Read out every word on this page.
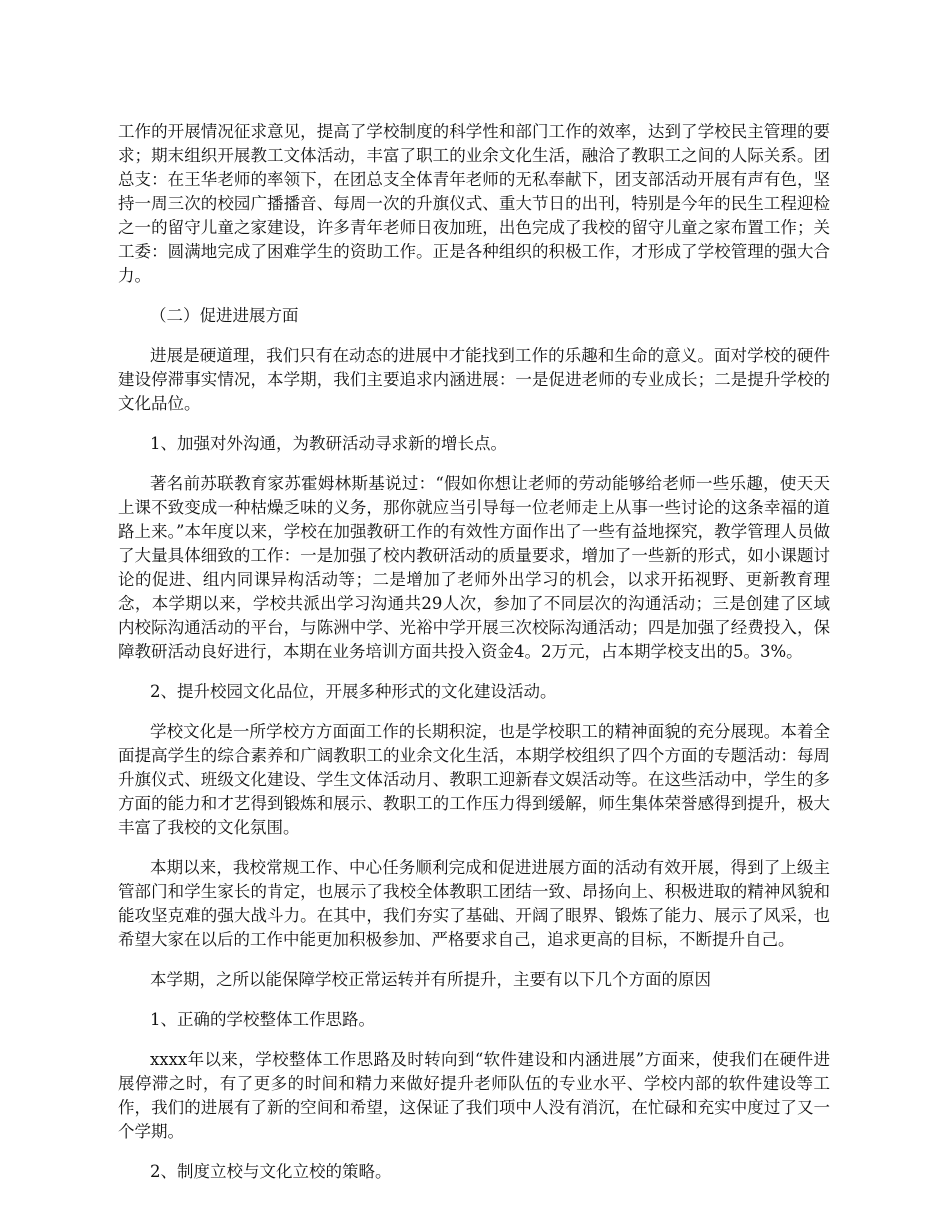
工作的开展情况征求意见，提高了学校制度的科学性和部门工作的效率，达到了学校民主管理的要求；期末组织开展教工文体活动，丰富了职工的业余文化生活，融洽了教职工之间的人际关系。团总支：在王华老师的率领下，在团总支全体青年老师的无私奉献下，团支部活动开展有声有色，坚持一周三次的校园广播播音、每周一次的升旗仪式、重大节日的出刊，特别是今年的民生工程迎检之一的留守儿童之家建设，许多青年老师日夜加班，出色完成了我校的留守儿童之家布置工作；关工委：圆满地完成了困难学生的资助工作。正是各种组织的积极工作，才形成了学校管理的强大合力。

（二）促进进展方面

进展是硬道理，我们只有在动态的进展中才能找到工作的乐趣和生命的意义。面对学校的硬件建设停滞事实情况，本学期，我们主要追求内涵进展：一是促进老师的专业成长；二是提升学校的文化品位。

1、加强对外沟通，为教研活动寻求新的增长点。

著名前苏联教育家苏霍姆林斯基说过：“假如你想让老师的劳动能够给老师一些乐趣，使天天上课不致变成一种枯燥乏味的义务，那你就应当引导每一位老师走上从事一些讨论的这条幸福的道路上来。”本年度以来，学校在加强教研工作的有效性方面作出了一些有益地探究，教学管理人员做了大量具体细致的工作：一是加强了校内教研活动的质量要求，增加了一些新的形式，如小课题讨论的促进、组内同课异构活动等；二是增加了老师外出学习的机会，以求开拓视野、更新教育理念，本学期以来，学校共派出学习沟通共29人次，参加了不同层次的沟通活动；三是创建了区域内校际沟通活动的平台，与陈洲中学、光裕中学开展三次校际沟通活动；四是加强了经费投入，保障教研活动良好进行，本期在业务培训方面共投入资金4。2万元，占本期学校支出的5。3%。

2、提升校园文化品位，开展多种形式的文化建设活动。

学校文化是一所学校方方面面工作的长期积淀，也是学校职工的精神面貌的充分展现。本着全面提高学生的综合素养和广阔教职工的业余文化生活，本期学校组织了四个方面的专题活动：每周升旗仪式、班级文化建设、学生文体活动月、教职工迎新春文娱活动等。在这些活动中，学生的多方面的能力和才艺得到锻炼和展示、教职工的工作压力得到缓解，师生集体荣誉感得到提升，极大丰富了我校的文化氛围。

本期以来，我校常规工作、中心任务顺利完成和促进进展方面的活动有效开展，得到了上级主管部门和学生家长的肯定，也展示了我校全体教职工团结一致、昂扬向上、积极进取的精神风貌和能攻坚克难的强大战斗力。在其中，我们夯实了基础、开阔了眼界、锻炼了能力、展示了风采，也希望大家在以后的工作中能更加积极参加、严格要求自己，追求更高的目标，不断提升自己。

本学期，之所以能保障学校正常运转并有所提升，主要有以下几个方面的原因

1、正确的学校整体工作思路。

xxxx年以来，学校整体工作思路及时转向到“软件建设和内涵进展”方面来，使我们在硬件进展停滞之时，有了更多的时间和精力来做好提升老师队伍的专业水平、学校内部的软件建设等工作，我们的进展有了新的空间和希望，这保证了我们项中人没有消沉，在忙碌和充实中度过了又一个学期。

2、制度立校与文化立校的策略。
